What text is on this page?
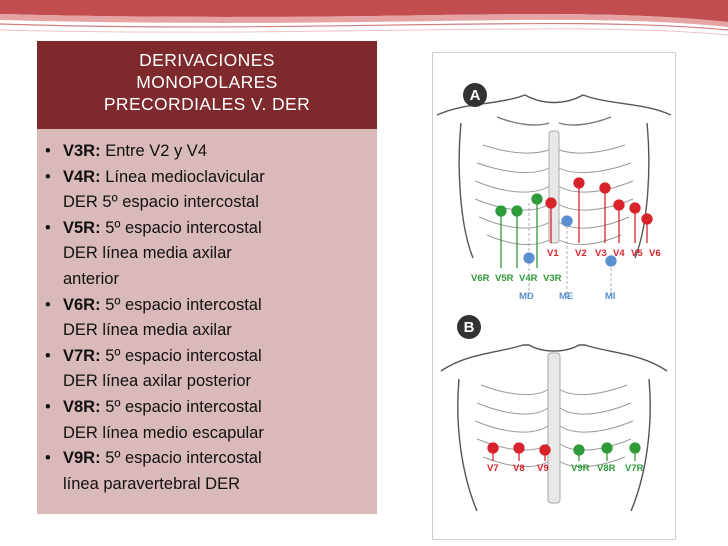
DERIVACIONES
MONOPOLARES
PRECORDIALES V. DER
• V3R: Entre V2 y V4
• V4R: Línea medioclavicular
DER 5º espacio intercostal
• V5R: 5º espacio intercostal
DER línea media axilar
anterior
• V6R: 5º espacio intercostal
DER línea media axilar
• V7R: 5º espacio intercostal
DER línea axilar posterior
• V8R: 5º espacio intercostal
DER línea medio escapular
• V9R: 5º espacio intercostal
línea paravertebral DER
A
V1 V2 V3 V4 V5 V6
V6R V5R V4R V3R
MD	ME	MI
B
V7 V8 V9 V9R V8R V7R
